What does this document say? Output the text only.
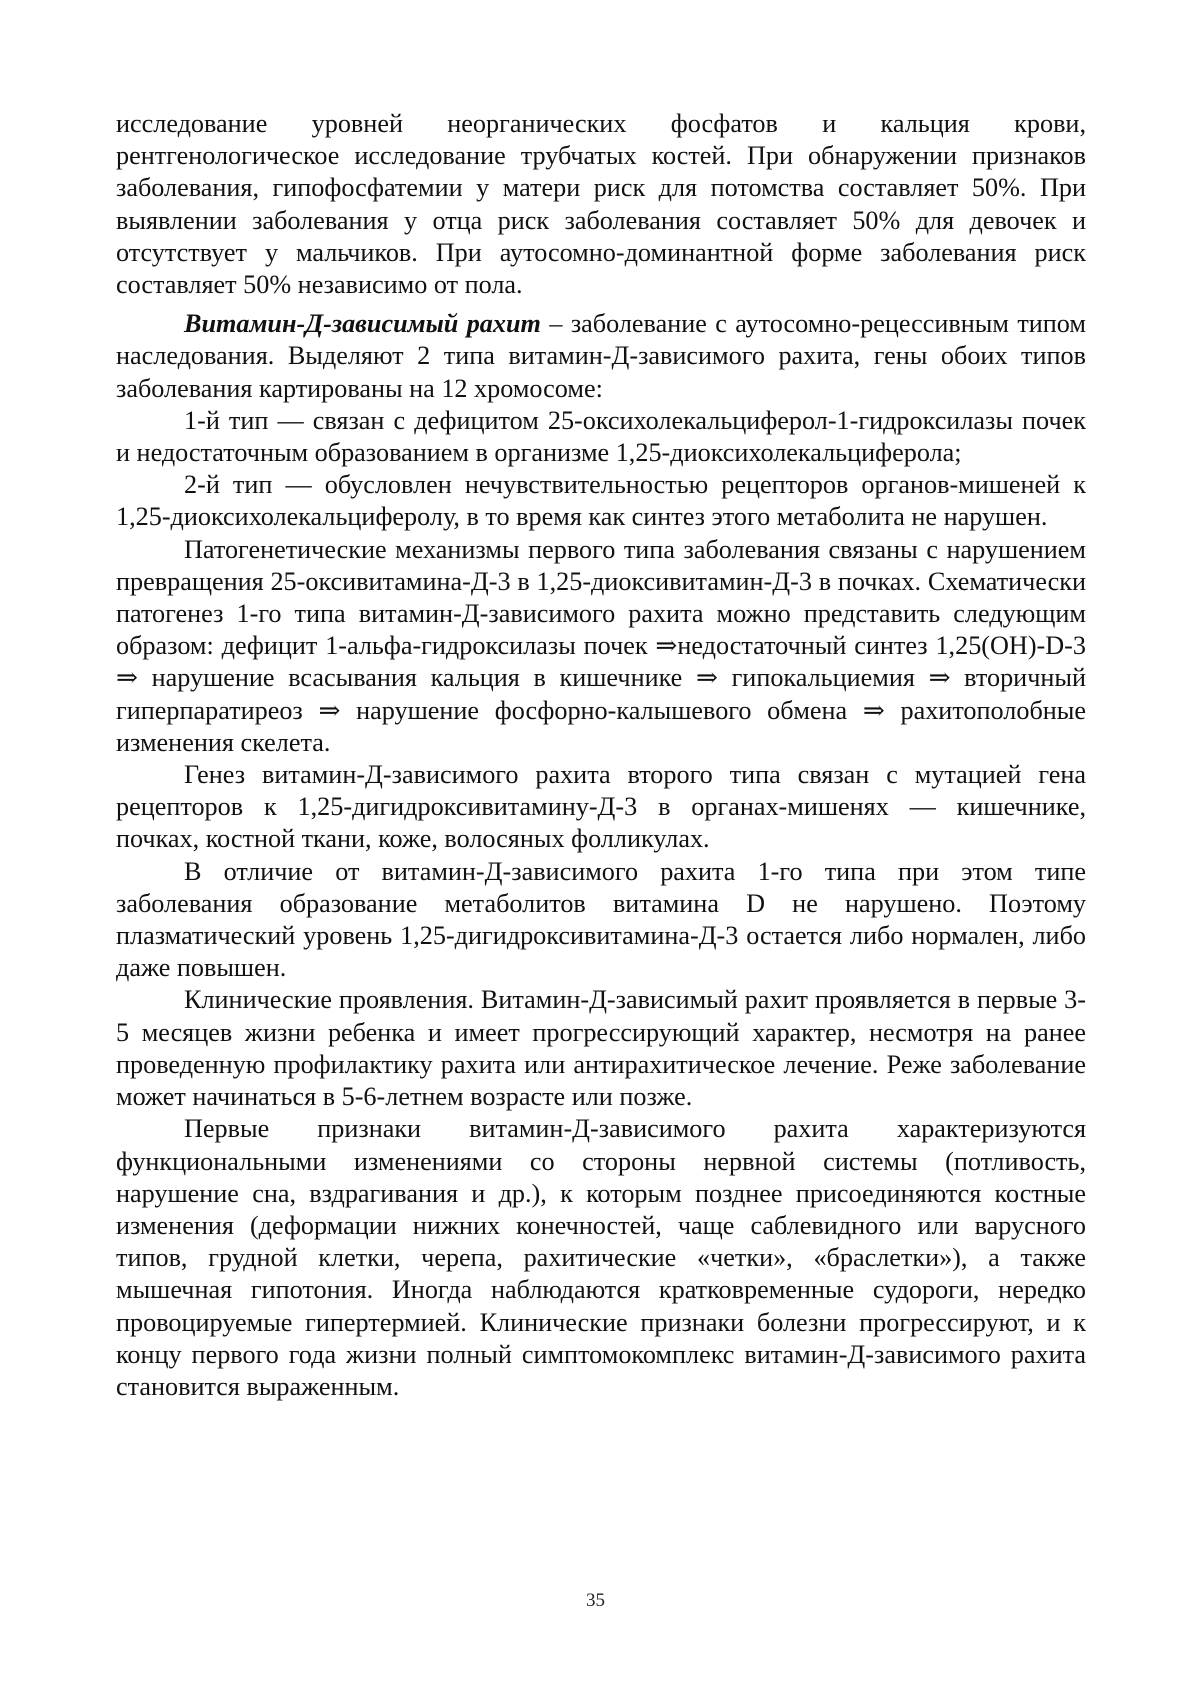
исследование уровней неорганических фосфатов и кальция крови, рентгенологическое исследование трубчатых костей. При обнаружении признаков заболевания, гипофосфатемии у матери риск для потомства составляет 50%. При выявлении заболевания у отца риск заболевания составляет 50% для девочек и отсутствует у мальчиков. При аутосомно-доминантной форме заболевания риск составляет 50% независимо от пола.

Витамин-Д-зависимый рахит – заболевание с аутосомно-рецессивным типом наследования. Выделяют 2 типа витамин-Д-зависимого рахита, гены обоих типов заболевания картированы на 12 хромосоме:

1-й тип — связан с дефицитом 25-оксихолекальциферол-1-гидроксилазы почек и недостаточным образованием в организме 1,25-диоксихолекальциферола;

2-й тип — обусловлен нечувствительностью рецепторов органов-мишеней к 1,25-диоксихолекальциферолу, в то время как синтез этого метаболита не нарушен.

Патогенетические механизмы первого типа заболевания связаны с нарушением превращения 25-оксивитамина-Д-3 в 1,25-диоксивитамин-Д-3 в почках. Схематически патогенез 1-го типа витамин-Д-зависимого рахита можно представить следующим образом: дефицит 1-альфа-гидроксилазы почек ⇒недостаточный синтез 1,25(ОН)-D-3 ⇒ нарушение всасывания кальция в кишечнике ⇒ гипокальциемия ⇒ вторичный гиперпаратиреоз ⇒ нарушение фосфорно-калышевого обмена ⇒ рахитополобные изменения скелета.

Генез витамин-Д-зависимого рахита второго типа связан с мутацией гена рецепторов к 1,25-дигидроксивитамину-Д-3 в органах-мишенях — кишечнике, почках, костной ткани, коже, волосяных фолликулах.

В отличие от витамин-Д-зависимого рахита 1-го типа при этом типе заболевания образование метаболитов витамина D не нарушено. Поэтому плазматический уровень 1,25-дигидроксивитамина-Д-3 остается либо нормален, либо даже повышен.

Клинические проявления. Витамин-Д-зависимый рахит проявляется в первые 3-5 месяцев жизни ребенка и имеет прогрессирующий характер, несмотря на ранее проведенную профилактику рахита или антирахитическое лечение. Реже заболевание может начинаться в 5-6-летнем возрасте или позже.

Первые признаки витамин-Д-зависимого рахита характеризуются функциональными изменениями со стороны нервной системы (потливость, нарушение сна, вздрагивания и др.), к которым позднее присоединяются костные изменения (деформации нижних конечностей, чаще саблевидного или варусного типов, грудной клетки, черепа, рахитические «четки», «браслетки»), а также мышечная гипотония. Иногда наблюдаются кратковременные судороги, нередко провоцируемые гипертермией. Клинические признаки болезни прогрессируют, и к концу первого года жизни полный симптомокомплекс витамин-Д-зависимого рахита становится выраженным.

35
